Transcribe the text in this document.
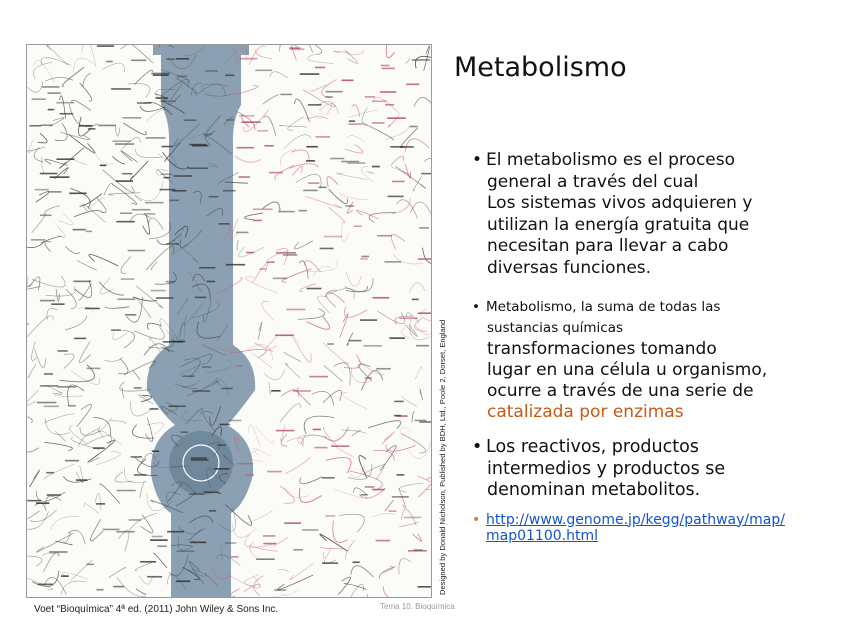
Designed by Donald Nicholson, Published by BDH, Ltd., Poole 2, Dorset, England
Voet “Bioquímica” 4ª ed. (2011) John Wiley & Sons Inc.	Tema 10. Bioquímica
Metabolismo

• El metabolismo es el proceso
general a través del cual
Los sistemas vivos adquieren y
utilizan la energía gratuita que
necesitan para llevar a cabo
diversas funciones.

• Metabolismo, la suma de todas las
sustancias químicas
transformaciones tomando
lugar en una célula u organismo,
ocurre a través de una serie de
catalizada por enzimas

• Los reactivos, productos
intermedios y productos se
denominan metabolitos.

• http://www.genome.jp/kegg/pathway/map/
map01100.html
